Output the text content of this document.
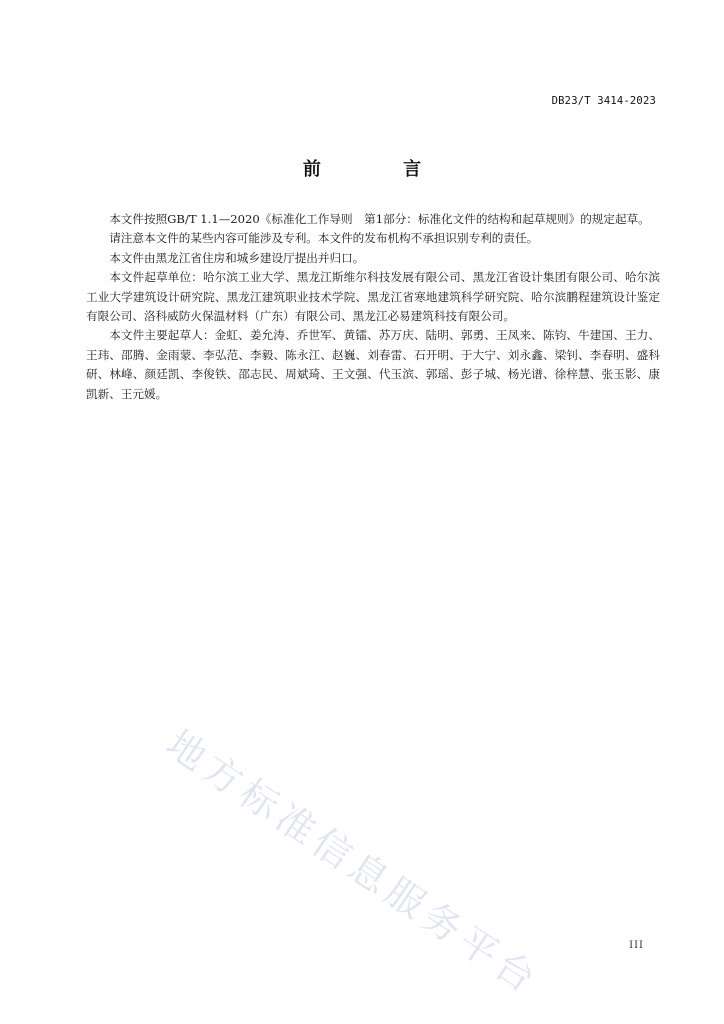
DB23/T 3414-2023
前 言

本文件按照GB/T 1.1—2020《标准化工作导则　第1部分：标准化文件的结构和起草规则》的规定起草。

请注意本文件的某些内容可能涉及专利。本文件的发布机构不承担识别专利的责任。

本文件由黑龙江省住房和城乡建设厅提出并归口。

本文件起草单位：哈尔滨工业大学、黑龙江斯维尔科技发展有限公司、黑龙江省设计集团有限公司、哈尔滨工业大学建筑设计研究院、黑龙江建筑职业技术学院、黑龙江省寒地建筑科学研究院、哈尔滨鹏程建筑设计鉴定有限公司、洛科威防火保温材料（广东）有限公司、黑龙江必易建筑科技有限公司。

本文件主要起草人：金虹、姜允涛、乔世军、黄镭、苏万庆、陆明、郭勇、王凤来、陈钧、牛建国、王力、王玮、邵腾、金雨蒙、李弘范、李毅、陈永江、赵巍、刘春雷、石开明、于大宁、刘永鑫、梁钊、李春明、盛科研、林峰、颜廷凯、李俊铁、邵志民、周斌琦、王文强、代玉滨、郭瑶、彭子城、杨光谱、徐梓慧、张玉影、康凯新、王元媛。

地方标准信息服务平台	III
